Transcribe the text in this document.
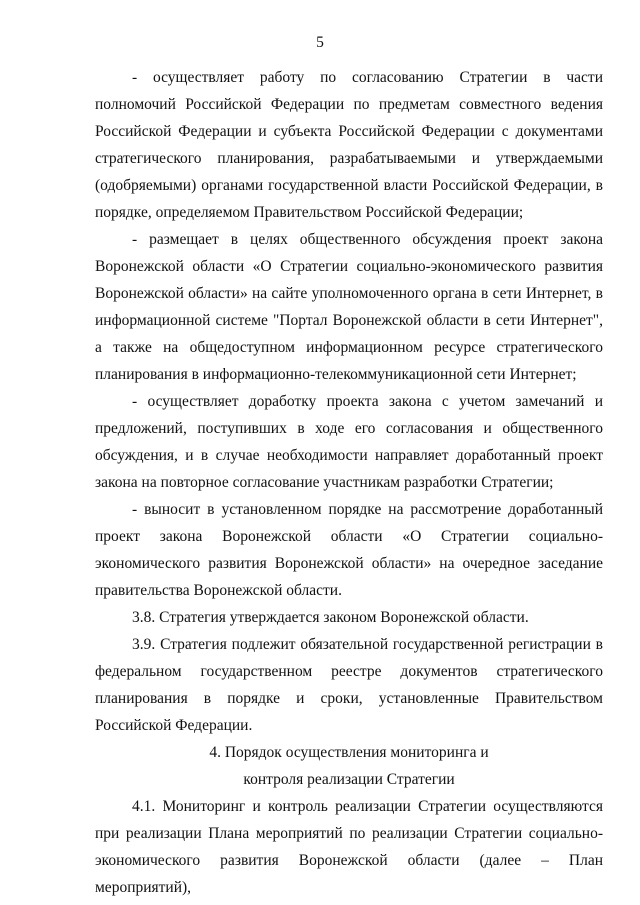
5

- осуществляет работу по согласованию Стратегии в части полномочий Российской Федерации по предметам совместного ведения Российской Федерации и субъекта Российской Федерации с документами стратегического планирования, разрабатываемыми и утверждаемыми (одобряемыми) органами государственной власти Российской Федерации, в порядке, определяемом Правительством Российской Федерации;

- размещает в целях общественного обсуждения проект закона Воронежской области «О Стратегии социально-экономического развития Воронежской области» на сайте уполномоченного органа в сети Интернет, в информационной системе "Портал Воронежской области в сети Интернет", а также на общедоступном информационном ресурсе стратегического планирования в информационно-телекоммуникационной сети Интернет;

- осуществляет доработку проекта закона с учетом замечаний и предложений, поступивших в ходе его согласования и общественного обсуждения, и в случае необходимости направляет доработанный проект закона на повторное согласование участникам разработки Стратегии;

- выносит в установленном порядке на рассмотрение доработанный проект закона Воронежской области «О Стратегии социально-экономического развития Воронежской области» на очередное заседание правительства Воронежской области.

3.8. Стратегия утверждается законом Воронежской области.

3.9. Стратегия подлежит обязательной государственной регистрации в федеральном государственном реестре документов стратегического планирования в порядке и сроки, установленные Правительством Российской Федерации.

4. Порядок осуществления мониторинга и
контроля реализации Стратегии

4.1. Мониторинг и контроль реализации Стратегии осуществляются при реализации Плана мероприятий по реализации Стратегии социально-экономического развития Воронежской области (далее – План мероприятий),
